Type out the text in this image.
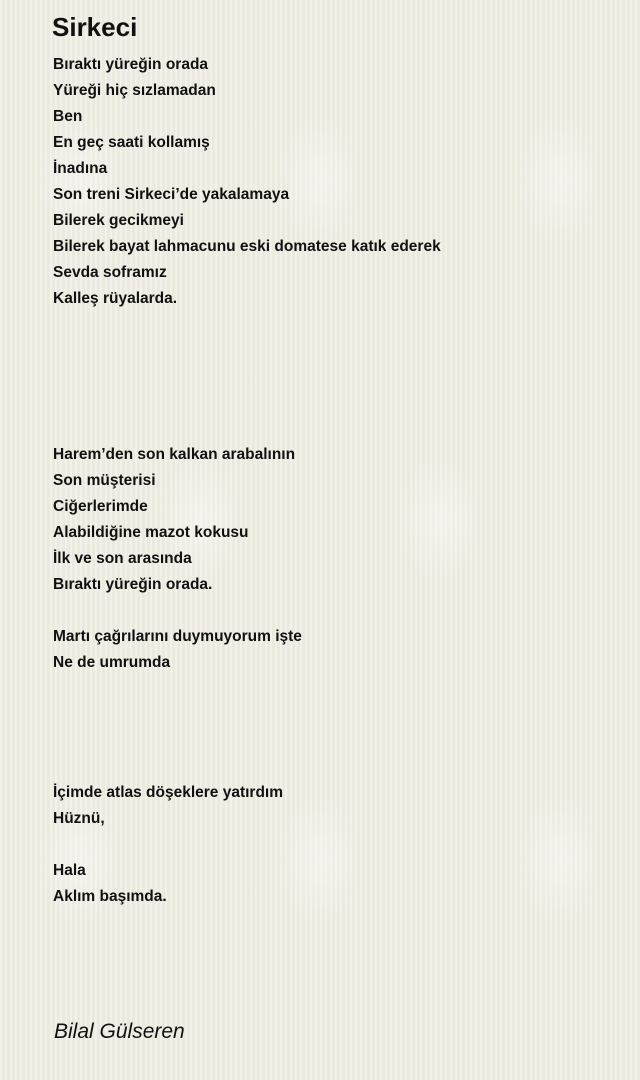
Sirkeci
Bıraktı yüreğin orada
Yüreği hiç sızlamadan
Ben
En geç saati kollamış
İnadına
Son treni Sirkeci’de yakalamaya
Bilerek gecikmeyi
Bilerek bayat lahmacunu eski domatese katık ederek
Sevda soframız
Kalleş rüyalarda.
Harem’den son kalkan arabalının
Son müşterisi
Ciğerlerimde
Alabildiğine mazot kokusu
İlk ve son arasında
Bıraktı yüreğin orada.
Martı çağrılarını duymuyorum işte
Ne de umrumda
İçimde atlas döşeklere yatırdım
Hüznü,
Hala
Aklım başımda.
Bilal Gülseren
